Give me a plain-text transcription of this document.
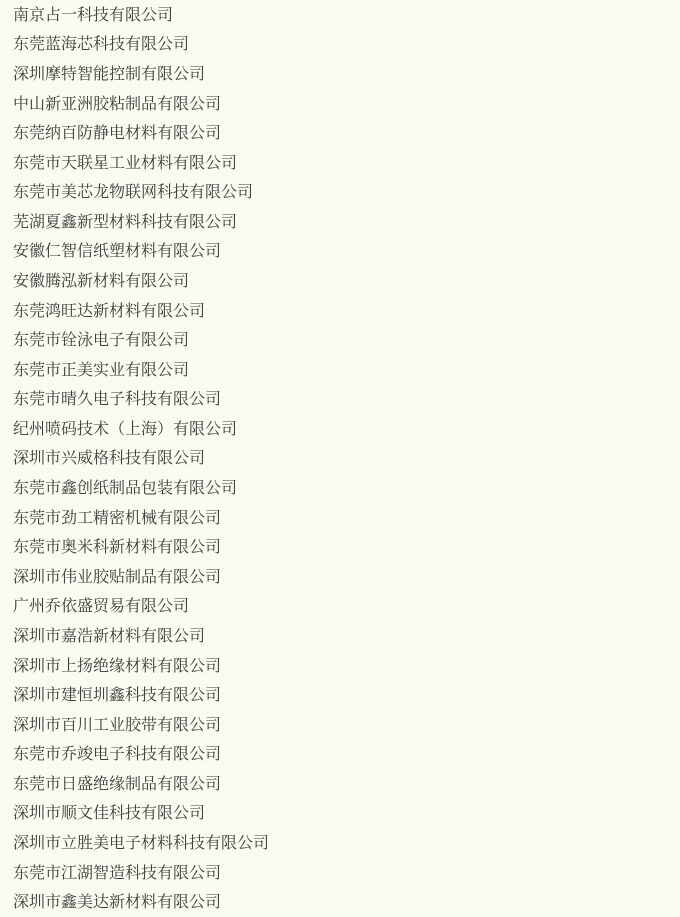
南京占一科技有限公司
东莞蓝海芯科技有限公司
深圳摩特智能控制有限公司
中山新亚洲胶粘制品有限公司
东莞纳百防静电材料有限公司
东莞市天联星工业材料有限公司
东莞市美芯龙物联网科技有限公司
芜湖夏鑫新型材料科技有限公司
安徽仁智信纸塑材料有限公司
安徽腾泓新材料有限公司
东莞鸿旺达新材料有限公司
东莞市铨泳电子有限公司
东莞市正美实业有限公司
东莞市晴久电子科技有限公司
纪州喷码技术（上海）有限公司
深圳市兴威格科技有限公司
东莞市鑫创纸制品包装有限公司
东莞市劲工精密机械有限公司
东莞市奥米科新材料有限公司
深圳市伟业胶贴制品有限公司
广州乔依盛贸易有限公司
深圳市嘉浩新材料有限公司
深圳市上扬绝缘材料有限公司
深圳市建恒圳鑫科技有限公司
深圳市百川工业胶带有限公司
东莞市乔竣电子科技有限公司
东莞市日盛绝缘制品有限公司
深圳市顺文佳科技有限公司
深圳市立胜美电子材料科技有限公司
东莞市江湖智造科技有限公司
深圳市鑫美达新材料有限公司
